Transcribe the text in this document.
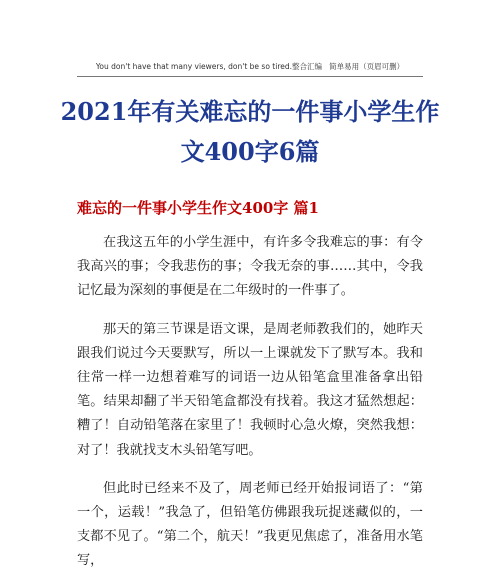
You don't have that many viewers, don't be so tired.整合汇编 简单易用（页眉可删）
2021年有关难忘的一件事小学生作文400字6篇
难忘的一件事小学生作文400字 篇1

在我这五年的小学生涯中，有许多令我难忘的事：有令我高兴的事；令我悲伤的事；令我无奈的事……其中，令我记忆最为深刻的事便是在二年级时的一件事了。

那天的第三节课是语文课，是周老师教我们的，她昨天跟我们说过今天要默写，所以一上课就发下了默写本。我和往常一样一边想着难写的词语一边从铅笔盒里准备拿出铅笔。结果却翻了半天铅笔盒都没有找着。我这才猛然想起：糟了！自动铅笔落在家里了！我顿时心急火燎，突然我想：对了！我就找支木头铅笔写吧。

但此时已经来不及了，周老师已经开始报词语了：“第一个，运载！”我急了，但铅笔仿佛跟我玩捉迷藏似的，一支都不见了。“第二个，航天！”我更见焦虑了，准备用水笔写，
